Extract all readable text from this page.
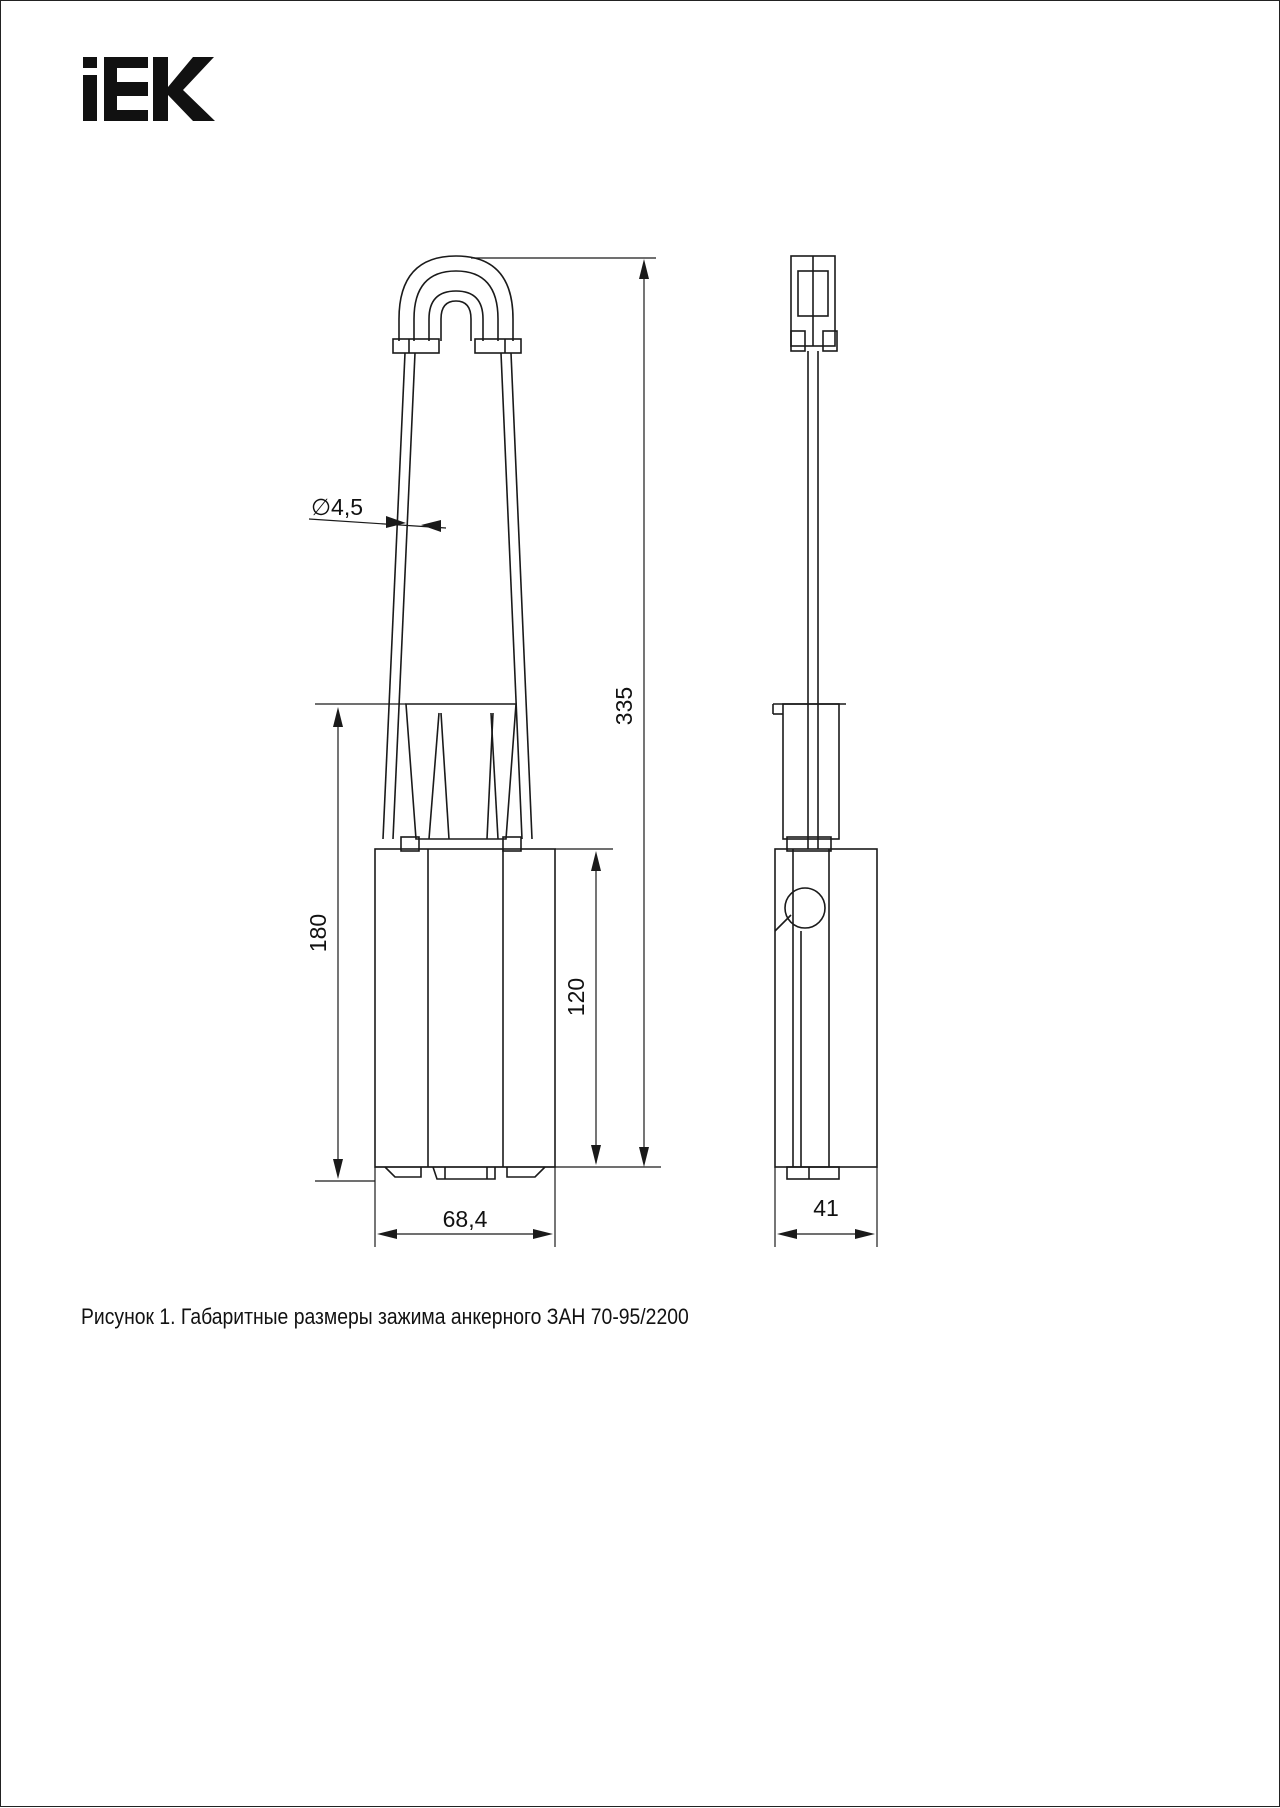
335
180
120
∅4,5
68,4	41

Рисунок 1. Габаритные размеры зажима анкерного ЗАН 70-95/2200
